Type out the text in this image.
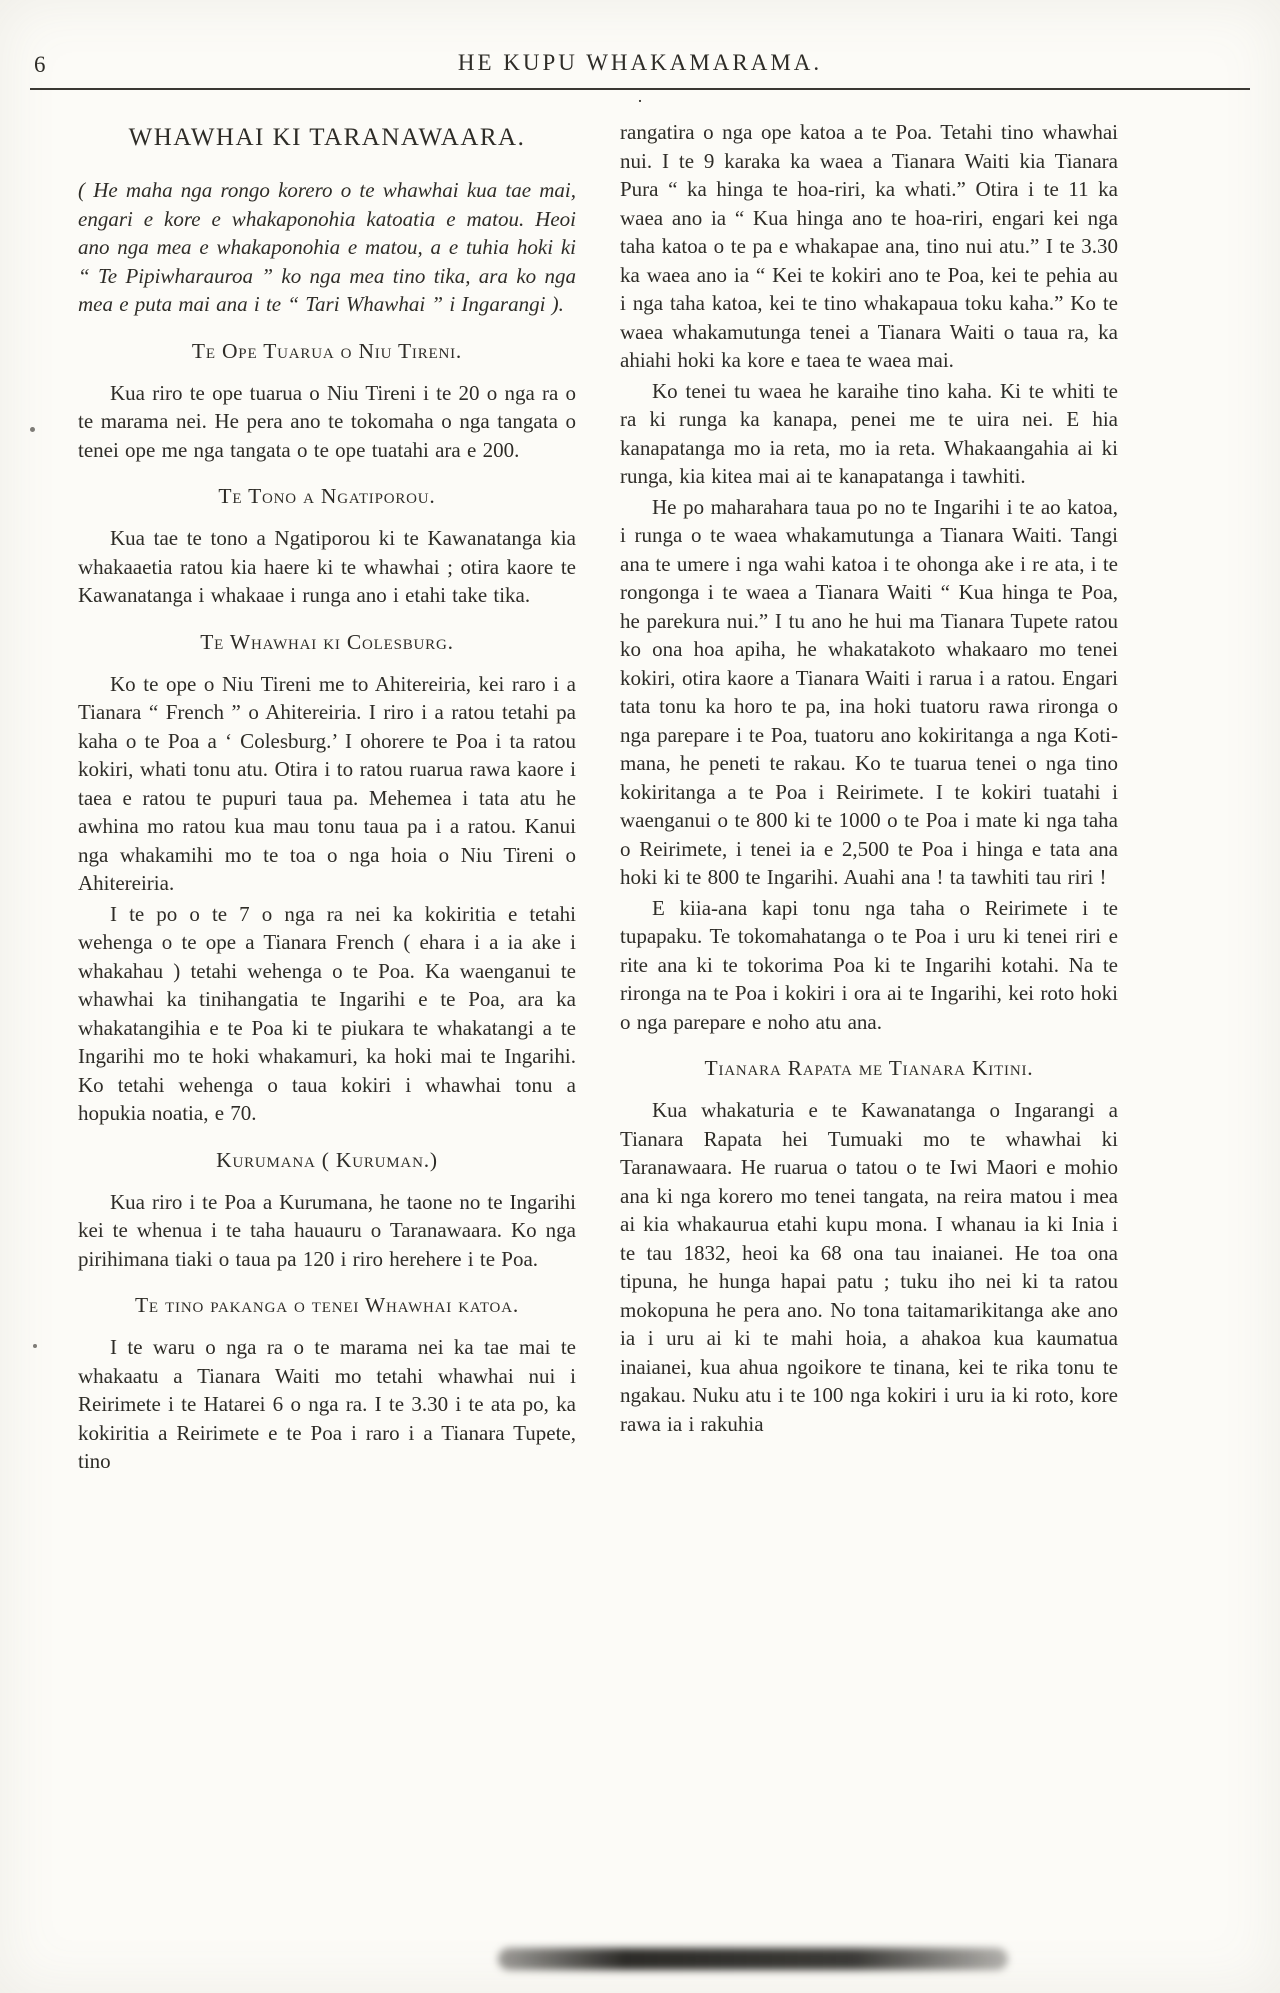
6	HE KUPU WHAKAMARAMA.
.
WHAWHAI KI TARANAWAARA.

( He maha nga rongo korero o te whawhai kua tae mai, engari e kore e whakaponohia katoatia e matou. Heoi ano nga mea e whakaponohia e matou, a e tuhia hoki ki “ Te Pipiwharauroa ” ko nga mea tino tika, ara ko nga mea e puta mai ana i te “ Tari Whawhai ” i Ingarangi ).

Te Ope Tuarua o Niu Tireni.

Kua riro te ope tuarua o Niu Tireni i te 20 o nga ra o te marama nei. He pera ano te tokomaha o nga tangata o tenei ope me nga tangata o te ope tuatahi ara e 200.

Te Tono a Ngatiporou.

Kua tae te tono a Ngatiporou ki te Kawanatanga kia whakaaetia ratou kia haere ki te whawhai ; otira kaore te Kawanatanga i whakaae i runga ano i etahi take tika.

Te Whawhai ki Colesburg.

Ko te ope o Niu Tireni me to Ahitereiria, kei raro i a Tianara “ French ” o Ahitereiria. I riro i a ratou tetahi pa kaha o te Poa a ‘ Colesburg.’ I ohorere te Poa i ta ratou kokiri, whati tonu atu. Otira i to ratou ruarua rawa kaore i taea e ratou te pupuri taua pa. Mehemea i tata atu he awhina mo ratou kua mau tonu taua pa i a ratou. Kanui nga whakamihi mo te toa o nga hoia o Niu Tireni o Ahitereiria.

I te po o te 7 o nga ra nei ka kokiritia e tetahi wehenga o te ope a Tianara French ( ehara i a ia ake i whakahau ) tetahi wehenga o te Poa. Ka waenganui te whawhai ka tinihangatia te Ingarihi e te Poa, ara ka whakatangihia e te Poa ki te piukara te whakatangi a te Ingarihi mo te hoki whakamuri, ka hoki mai te Ingarihi. Ko tetahi wehenga o taua kokiri i whawhai tonu a hopukia noatia, e 70.

Kurumana ( Kuruman.)

Kua riro i te Poa a Kurumana, he taone no te Ingarihi kei te whenua i te taha hauauru o Taranawaara. Ko nga pirihimana tiaki o taua pa 120 i riro herehere i te Poa.

Te tino pakanga o tenei Whawhai katoa.

I te waru o nga ra o te marama nei ka tae mai te whakaatu a Tianara Waiti mo tetahi whawhai nui i Reirimete i te Hatarei 6 o nga ra. I te 3.30 i te ata po, ka kokiritia a Reirimete e te Poa i raro i a Tianara Tupete, tino

rangatira o nga ope katoa a te Poa. Tetahi tino whawhai nui. I te 9 karaka ka waea a Tianara Waiti kia Tianara Pura “ ka hinga te hoa-riri, ka whati.” Otira i te 11 ka waea ano ia “ Kua hinga ano te hoa-riri, engari kei nga taha katoa o te pa e whakapae ana, tino nui atu.” I te 3.30 ka waea ano ia “ Kei te kokiri ano te Poa, kei te pehia au i nga taha katoa, kei te tino whakapaua toku kaha.” Ko te waea whakamutunga tenei a Tianara Waiti o taua ra, ka ahiahi hoki ka kore e taea te waea mai.

Ko tenei tu waea he karaihe tino kaha. Ki te whiti te ra ki runga ka kanapa, penei me te uira nei. E hia kanapatanga mo ia reta, mo ia reta. Whakaangahia ai ki runga, kia kitea mai ai te kanapatanga i tawhiti.

He po maharahara taua po no te Ingarihi i te ao katoa, i runga o te waea whakamutunga a Tianara Waiti. Tangi ana te umere i nga wahi katoa i te ohonga ake i re ata, i te rongonga i te waea a Tianara Waiti “ Kua hinga te Poa, he parekura nui.” I tu ano he hui ma Tianara Tupete ratou ko ona hoa apiha, he whakatakoto whakaaro mo tenei kokiri, otira kaore a Tianara Waiti i rarua i a ratou. Engari tata tonu ka horo te pa, ina hoki tuatoru rawa rironga o nga parepare i te Poa, tuatoru ano kokiritanga a nga Koti-mana, he peneti te rakau. Ko te tuarua tenei o nga tino kokiritanga a te Poa i Reirimete. I te kokiri tuatahi i waenganui o te 800 ki te 1000 o te Poa i mate ki nga taha o Reirimete, i tenei ia e 2,500 te Poa i hinga e tata ana hoki ki te 800 te Ingarihi. Auahi ana ! ta tawhiti tau riri !

E kiia-ana kapi tonu nga taha o Reirimete i te tupapaku. Te tokomahatanga o te Poa i uru ki tenei riri e rite ana ki te tokorima Poa ki te Ingarihi kotahi. Na te rironga na te Poa i kokiri i ora ai te Ingarihi, kei roto hoki o nga parepare e noho atu ana.

Tianara Rapata me Tianara Kitini.

Kua whakaturia e te Kawanatanga o Ingarangi a Tianara Rapata hei Tumuaki mo te whawhai ki Taranawaara. He ruarua o tatou o te Iwi Maori e mohio ana ki nga korero mo tenei tangata, na reira matou i mea ai kia whakaurua etahi kupu mona. I whanau ia ki Inia i te tau 1832, heoi ka 68 ona tau inaianei. He toa ona tipuna, he hunga hapai patu ; tuku iho nei ki ta ratou mokopuna he pera ano. No tona taitamarikitanga ake ano ia i uru ai ki te mahi hoia, a ahakoa kua kaumatua inaianei, kua ahua ngoikore te tinana, kei te rika tonu te ngakau. Nuku atu i te 100 nga kokiri i uru ia ki roto, kore rawa ia i rakuhia
